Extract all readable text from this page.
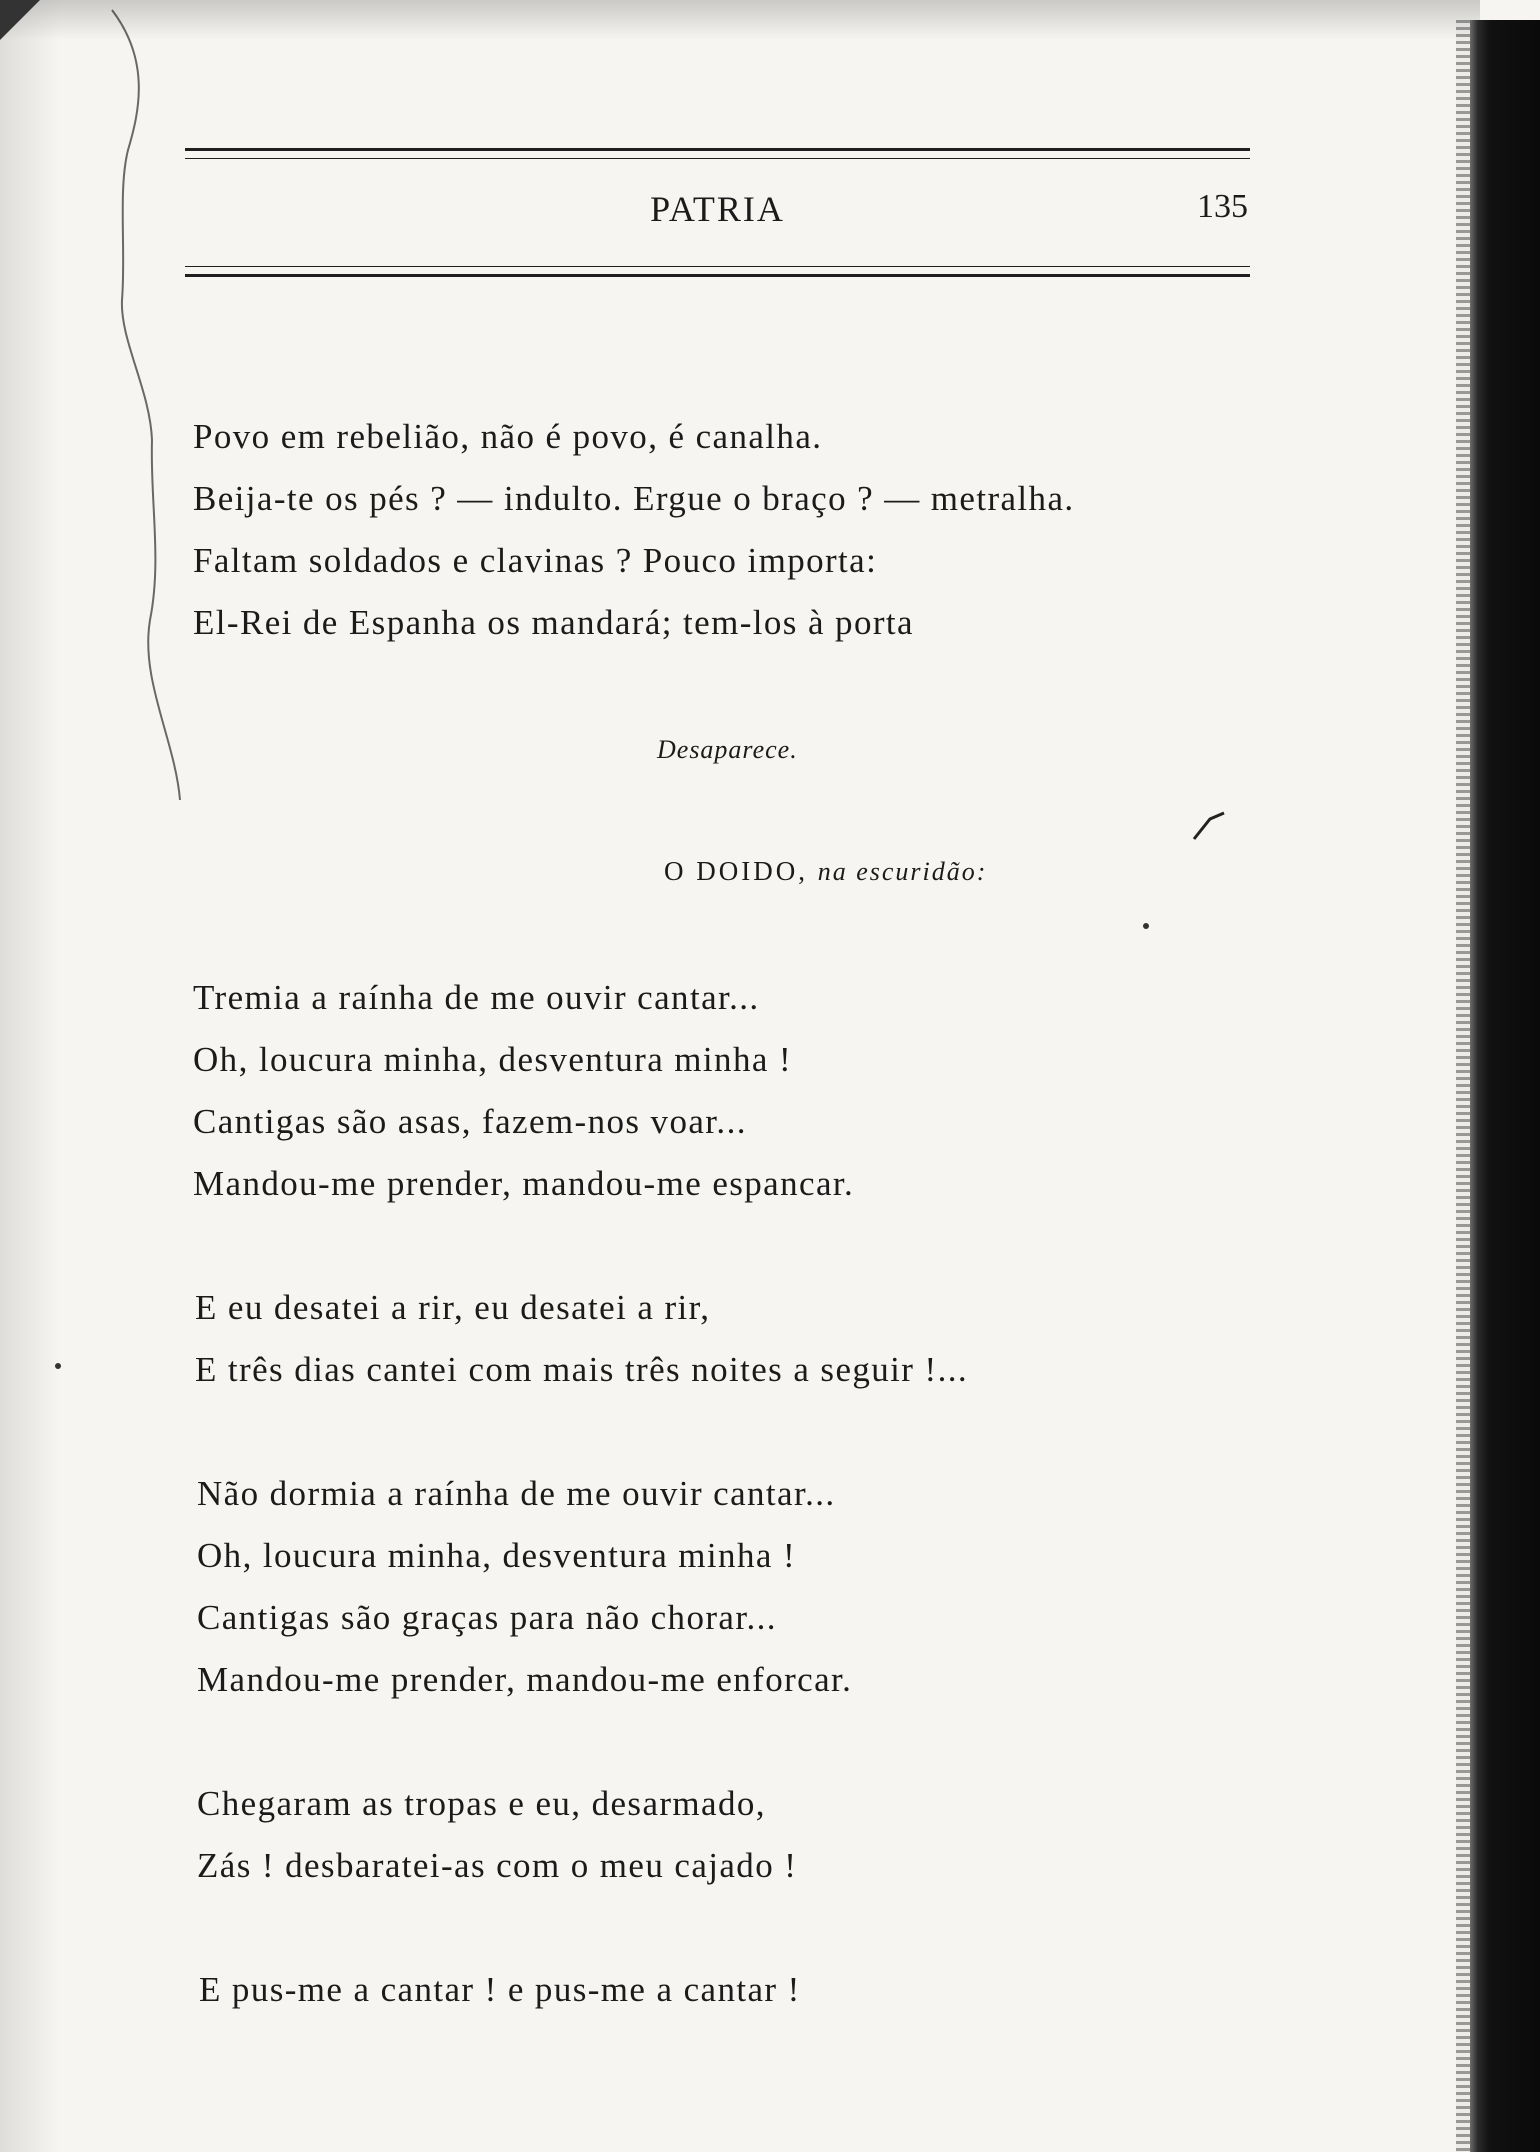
PATRIA	135
Povo em rebelião, não é povo, é canalha.
Beija-te os pés ? — indulto. Ergue o braço ? — metralha.
Faltam soldados e clavinas ? Pouco importa:
El-Rei de Espanha os mandará; tem-los à porta
Desaparece.
O DOIDO, na escuridão:
Tremia a raínha de me ouvir cantar...
Oh, loucura minha, desventura minha !
Cantigas são asas, fazem-nos voar...
Mandou-me prender, mandou-me espancar.
E eu desatei a rir, eu desatei a rir,
E três dias cantei com mais três noites a seguir !...
Não dormia a raínha de me ouvir cantar...
Oh, loucura minha, desventura minha !
Cantigas são graças para não chorar...
Mandou-me prender, mandou-me enforcar.
Chegaram as tropas e eu, desarmado,
Zás ! desbaratei-as com o meu cajado !
E pus-me a cantar ! e pus-me a cantar !
